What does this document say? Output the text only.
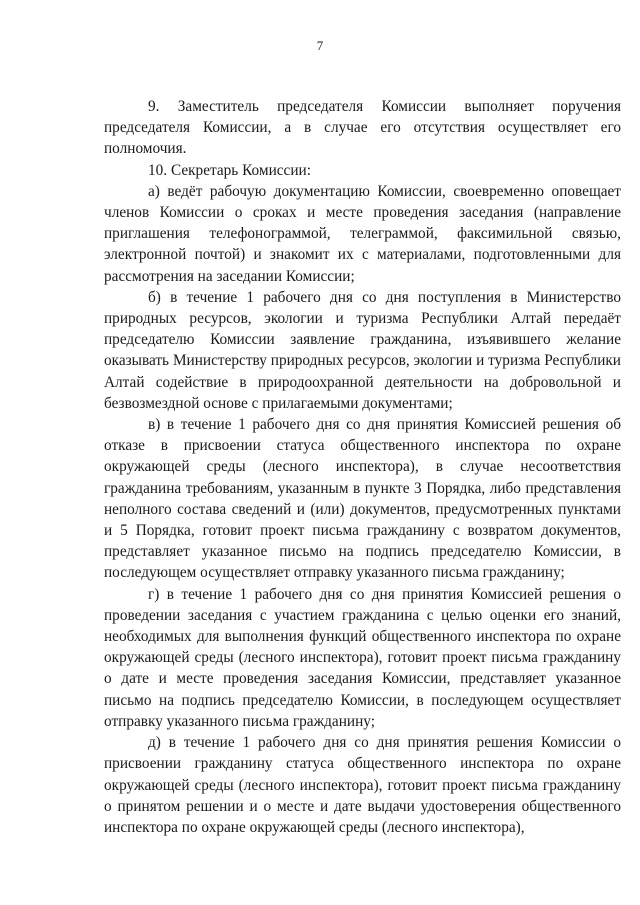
7

9. Заместитель председателя Комиссии выполняет поручения председателя Комиссии, а в случае его отсутствия осуществляет его полномочия.

10. Секретарь Комиссии:

а) ведёт рабочую документацию Комиссии, своевременно оповещает членов Комиссии о сроках и месте проведения заседания (направление приглашения телефонограммой, телеграммой, факсимильной связью, электронной почтой) и знакомит их с материалами, подготовленными для рассмотрения на заседании Комиссии;

б) в течение 1 рабочего дня со дня поступления в Министерство природных ресурсов, экологии и туризма Республики Алтай передаёт председателю Комиссии заявление гражданина, изъявившего желание оказывать Министерству природных ресурсов, экологии и туризма Республики Алтай содействие в природоохранной деятельности на добровольной и безвозмездной основе с прилагаемыми документами;

в) в течение 1 рабочего дня со дня принятия Комиссией решения об отказе в присвоении статуса общественного инспектора по охране окружающей среды (лесного инспектора), в случае несоответствия гражданина требованиям, указанным в пункте 3 Порядка, либо представления неполного состава сведений и (или) документов, предусмотренных пунктами и 5 Порядка, готовит проект письма гражданину с возвратом документов, представляет указанное письмо на подпись председателю Комиссии, в последующем осуществляет отправку указанного письма гражданину;

г) в течение 1 рабочего дня со дня принятия Комиссией решения о проведении заседания с участием гражданина с целью оценки его знаний, необходимых для выполнения функций общественного инспектора по охране окружающей среды (лесного инспектора), готовит проект письма гражданину о дате и месте проведения заседания Комиссии, представляет указанное письмо на подпись председателю Комиссии, в последующем осуществляет отправку указанного письма гражданину;

д) в течение 1 рабочего дня со дня принятия решения Комиссии о присвоении гражданину статуса общественного инспектора по охране окружающей среды (лесного инспектора), готовит проект письма гражданину о принятом решении и о месте и дате выдачи удостоверения общественного инспектора по охране окружающей среды (лесного инспектора),
